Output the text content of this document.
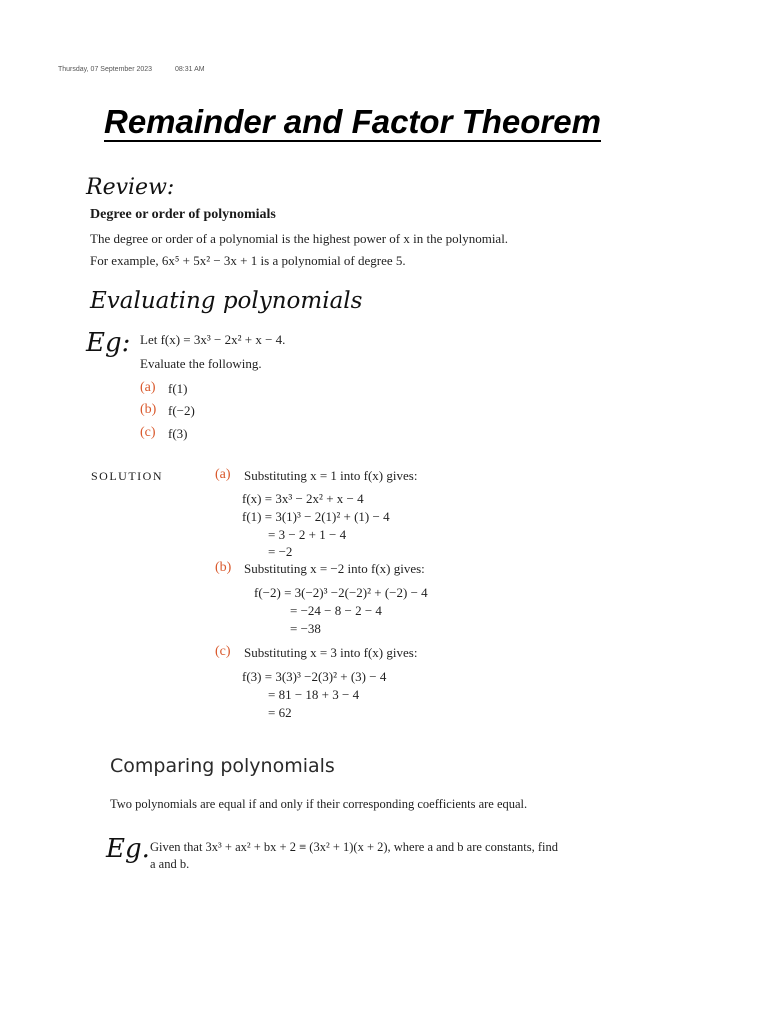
Thursday, 07 September 2023	08:31 AM
Remainder and Factor Theorem
Review:
Degree or order of polynomials
The degree or order of a polynomial is the highest power of x in the polynomial.
For example, 6x⁵ + 5x² − 3x + 1 is a polynomial of degree 5.
Evaluating polynomials
Eg: Let f(x) = 3x³ − 2x² + x − 4.
Evaluate the following.
(a) f(1)
(b) f(−2)
(c) f(3)
SOLUTION	(a) Substituting x = 1 into f(x) gives:
f(x) = 3x³ − 2x² + x − 4
f(1) = 3(1)³ − 2(1)² + (1) − 4
= 3 − 2 + 1 − 4
= −2
(b) Substituting x = −2 into f(x) gives:
f(−2) = 3(−2)³ −2(−2)² + (−2) − 4
= −24 − 8 − 2 − 4
= −38
(c) Substituting x = 3 into f(x) gives:
f(3) = 3(3)³ −2(3)² + (3) − 4
= 81 − 18 + 3 − 4
= 62
Comparing polynomials
Two polynomials are equal if and only if their corresponding coefficients are equal.
Eg. Given that 3x³ + ax² + bx + 2 ≡ (3x² + 1)(x + 2), where a and b are constants, find
a and b.
